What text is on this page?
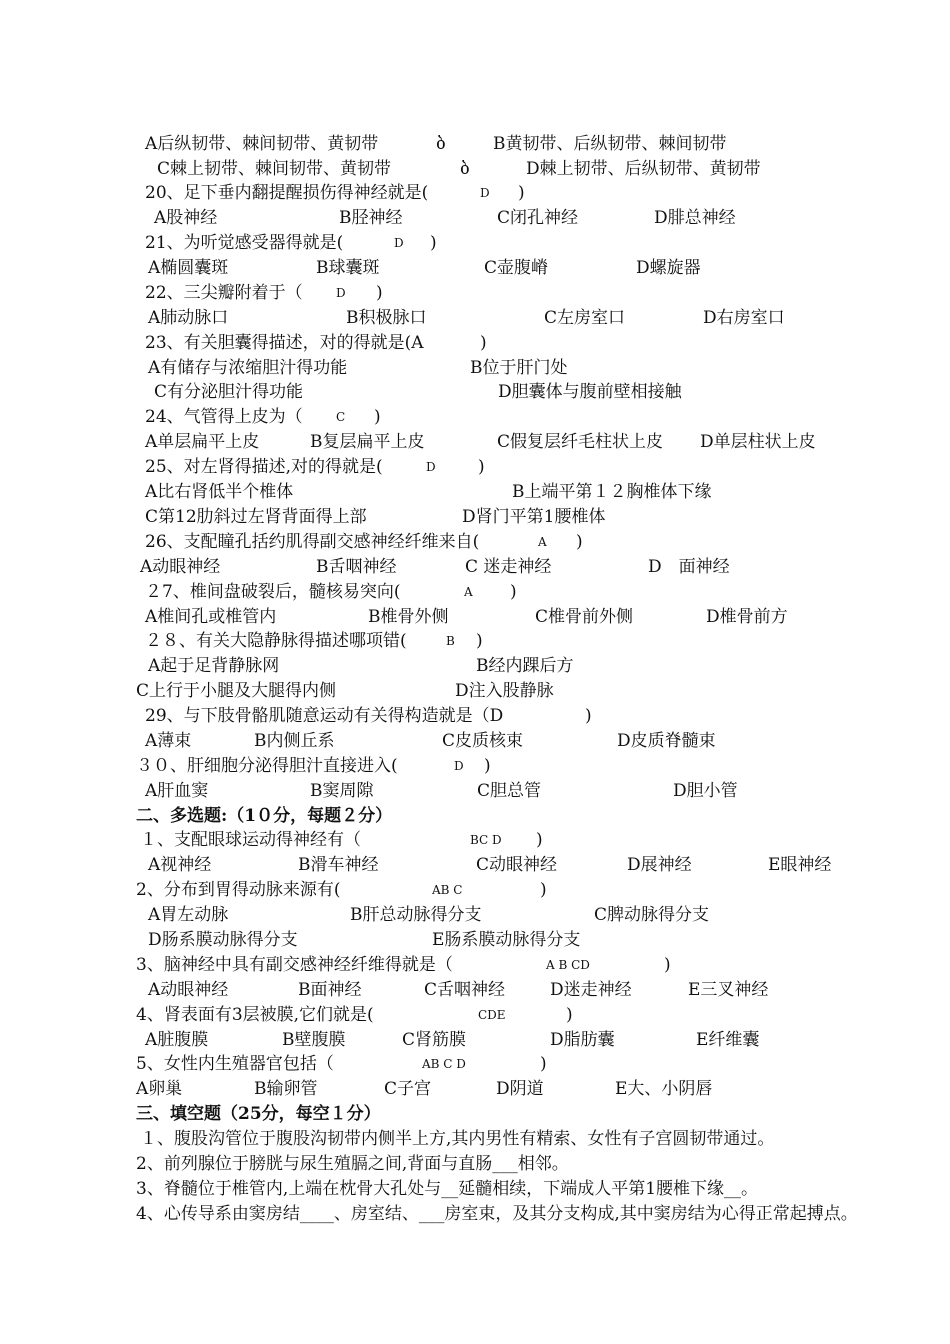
A后纵韧带、棘间韧带、黄韧带	ბ	B黄韧带、后纵韧带、棘间韧带
C棘上韧带、棘间韧带、黄韧带	ბ	D棘上韧带、后纵韧带、黄韧带
20、足下垂内翻提醒损伤得神经就是(	D )
A股神经	B胫神经	C闭孔神经	D腓总神经
21、为听觉感受器得就是(	D )
A椭圆囊斑	B球囊斑	C壶腹嵴	D螺旋器
22、三尖瓣附着于（	D )
A肺动脉口	B积极脉口	C左房室口	D右房室口
23、有关胆囊得描述，对的得就是(A	)
A有储存与浓缩胆汁得功能	B位于肝门处
C有分泌胆汁得功能	D胆囊体与腹前壁相接触
24、气管得上皮为（	C )
A单层扁平上皮	B复层扁平上皮	C假复层纤毛柱状上皮 D单层柱状上皮
25、对左肾得描述,对的得就是(	D )
A比右肾低半个椎体	B上端平第１２胸椎体下缘
C第12肋斜过左肾背面得上部	D肾门平第1腰椎体
26、支配瞳孔括约肌得副交感神经纤维来自(	A )
A动眼神经	B舌咽神经	C 迷走神经	D　面神经
２7、椎间盘破裂后，髓核易突向(	A )
A椎间孔或椎管内	B椎骨外侧	C椎骨前外侧	D椎骨前方
２８、有关大隐静脉得描述哪项错(	B )
A起于足背静脉网	B经内踝后方
C上行于小腿及大腿得内侧	D注入股静脉
29、与下肢骨骼肌随意运动有关得构造就是（D	)
A薄束	B内侧丘系	C皮质核束	D皮质脊髓束
３０、肝细胞分泌得胆汁直接进入(	D )
A肝血窦	B窦周隙	C胆总管	D胆小管
二、多选题:（1０分，每题２分）
１、支配眼球运动得神经有（	BC D )
A视神经	B滑车神经	C动眼神经	D展神经	E眼神经
2、分布到胃得动脉来源有(	AB C	)
A胃左动脉	B肝总动脉得分支	C脾动脉得分支
D肠系膜动脉得分支	E肠系膜动脉得分支
3、脑神经中具有副交感神经纤维得就是（	A B CD	)
A动眼神经	B面神经	C舌咽神经	D迷走神经	E三叉神经
4、肾表面有3层被膜,它们就是(	CDE	)
A脏腹膜	B壁腹膜	C肾筋膜	D脂肪囊	E纤维囊
5、女性内生殖器官包括（	AB C D	)
A卵巢	B输卵管	C子宫	D阴道	E大、小阴唇
三、填空题（25分，每空１分）
１、腹股沟管位于腹股沟韧带内侧半上方,其内男性有精索、女性有子宫圆韧带通过。
2、前列腺位于膀胱与尿生殖膈之间,背面与直肠___相邻。
3、脊髓位于椎管内,上端在枕骨大孔处与__延髓相续，下端成人平第1腰椎下缘__。
4、心传导系由窦房结____、房室结、___房室束，及其分支构成,其中窦房结为心得正常起搏点。
